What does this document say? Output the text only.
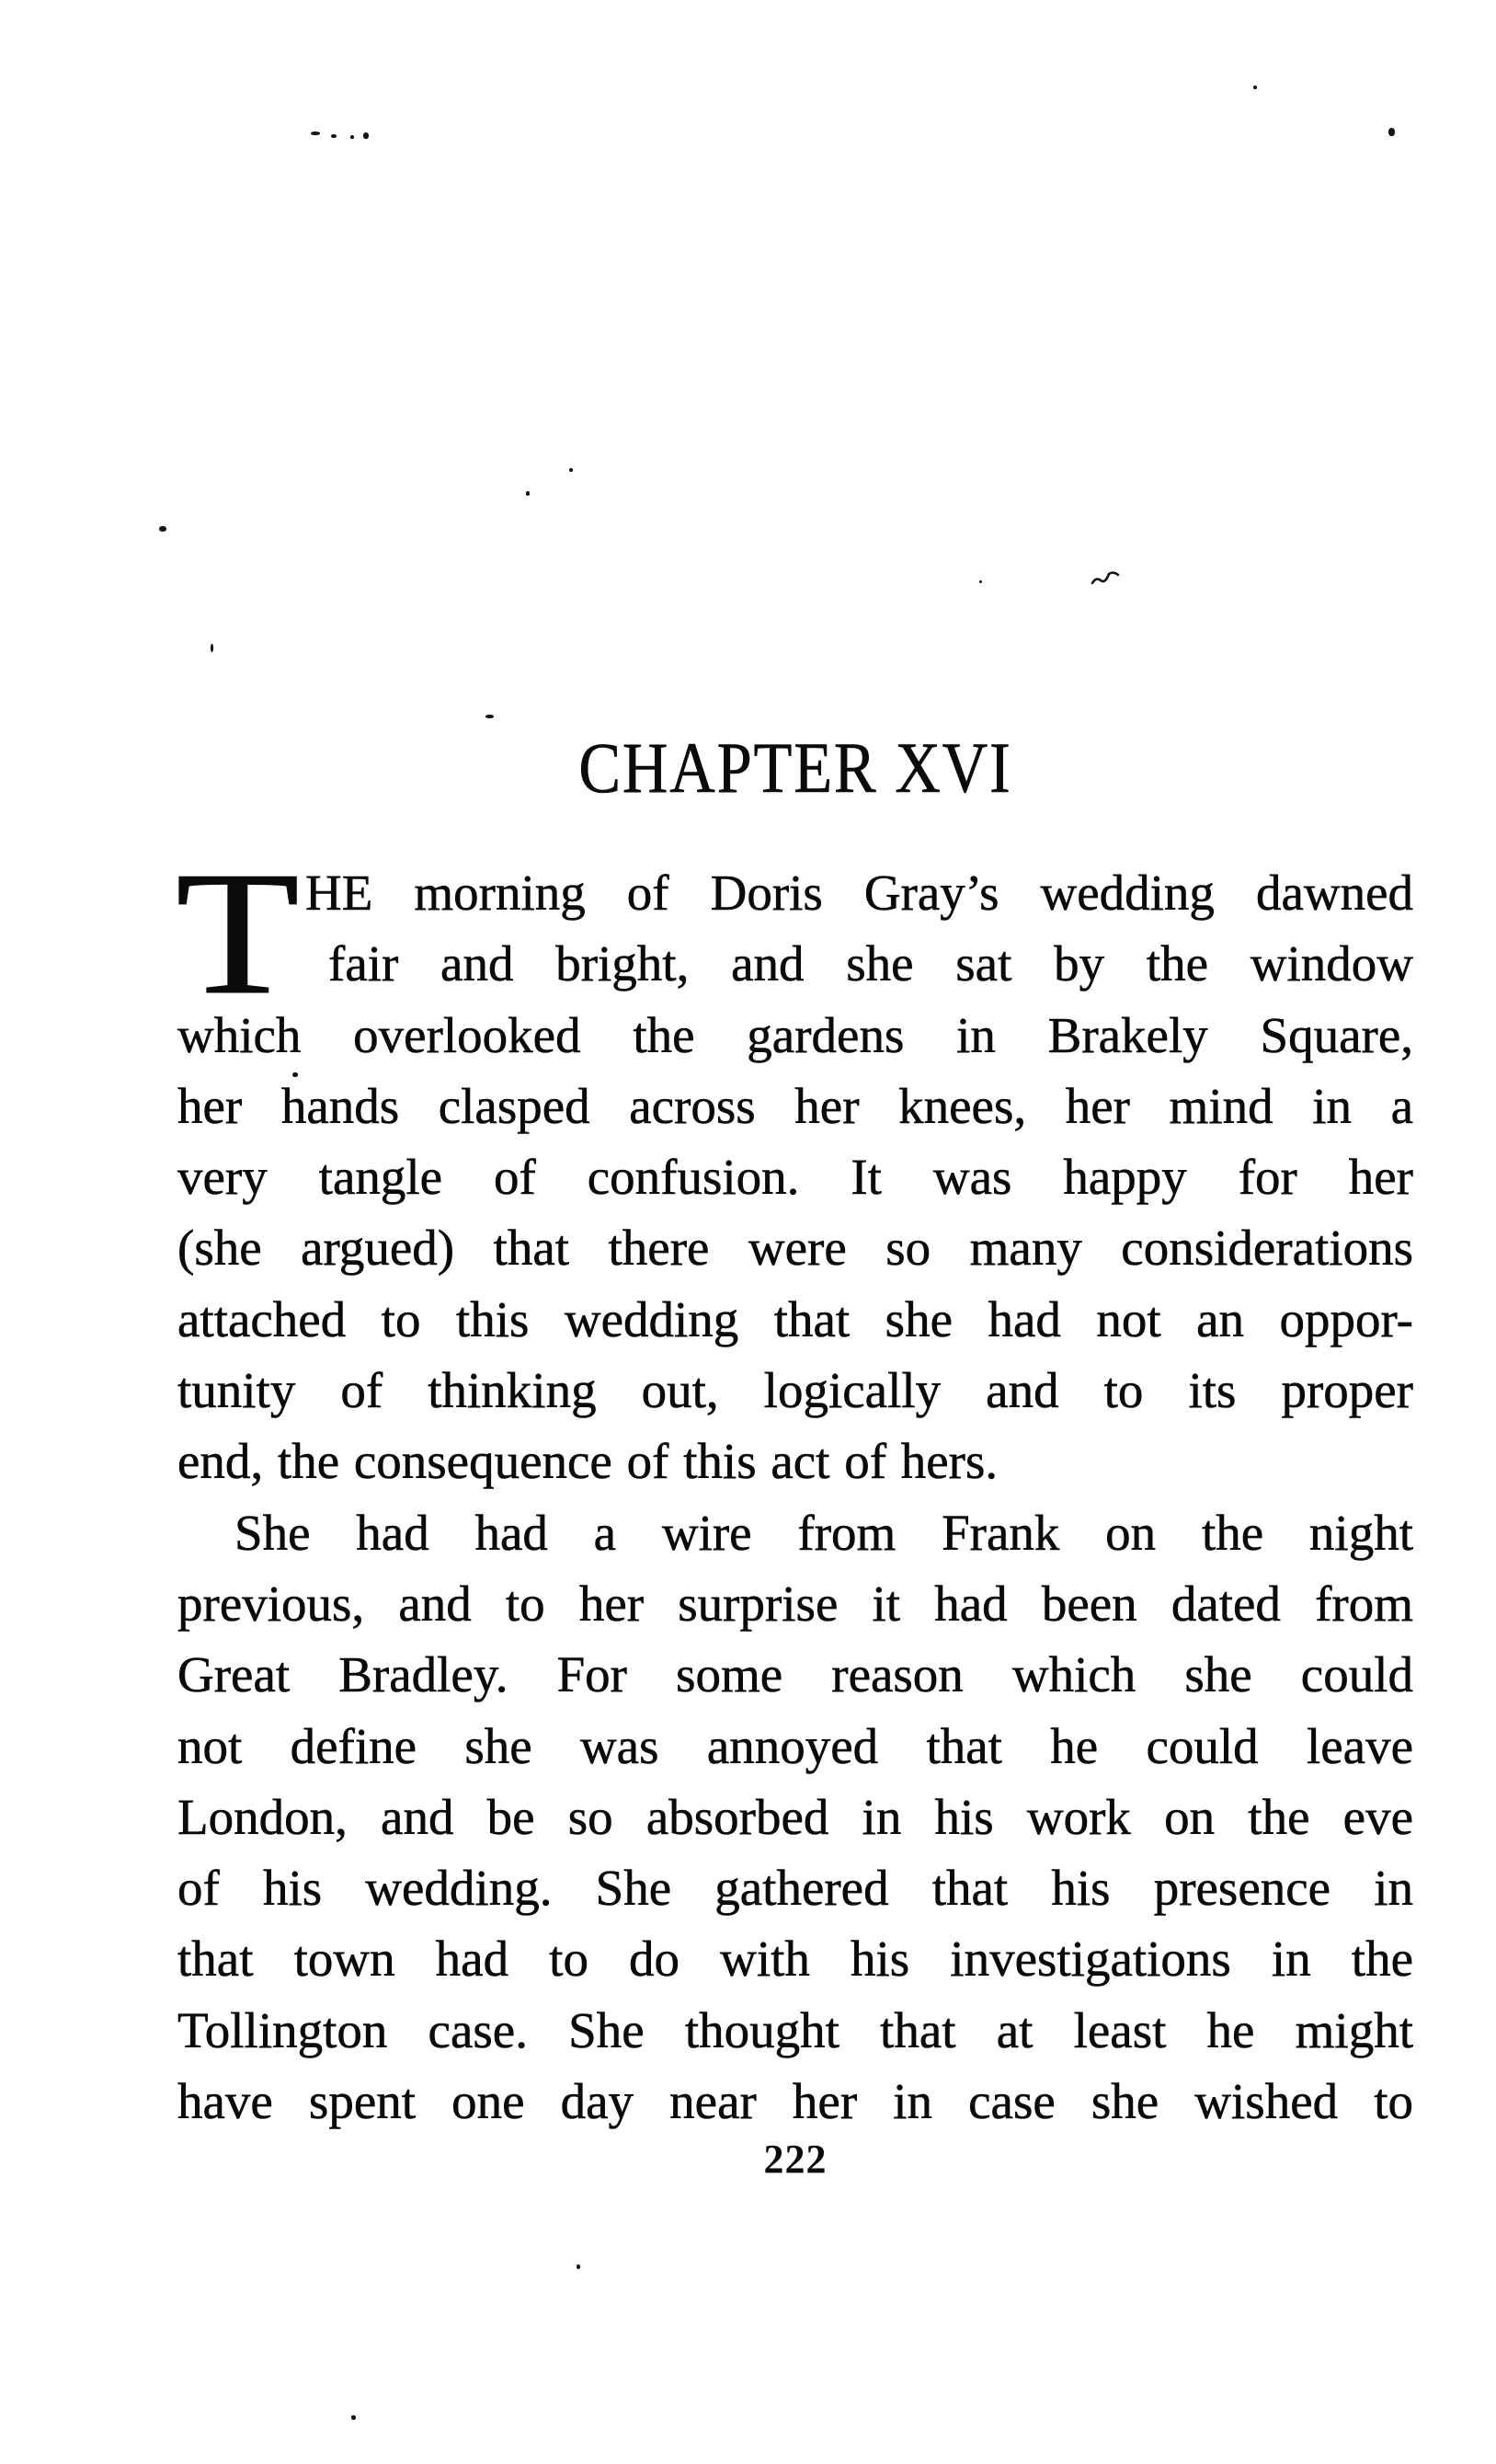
CHAPTER XVI
T HE morning of Doris Gray’s wedding dawned
fair and bright, and she sat by the window
which overlooked the gardens in Brakely Square,
her hands clasped across her knees, her mind in a
very tangle of confusion. It was happy for her
(she argued) that there were so many considerations
attached to this wedding that she had not an oppor-
tunity of thinking out, logically and to its proper
end, the consequence of this act of hers.
She had had a wire from Frank on the night
previous, and to her surprise it had been dated from
Great Bradley. For some reason which she could
not define she was annoyed that he could leave
London, and be so absorbed in his work on the eve
of his wedding. She gathered that his presence in
that town had to do with his investigations in the
Tollington case. She thought that at least he might
have spent one day near her in case she wished to
222
